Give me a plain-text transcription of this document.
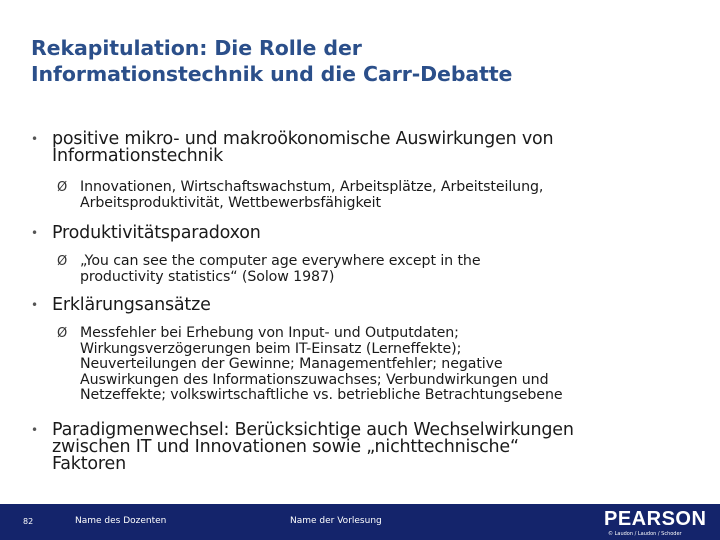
Rekapitulation: Die Rolle der
Informationstechnik und die Carr-Debatte
• positive mikro- und makroökonomische Auswirkungen von
Informationstechnik
Ø Innovationen, Wirtschaftswachstum, Arbeitsplätze, Arbeitsteilung,
Arbeitsproduktivität, Wettbewerbsfähigkeit
• Produktivitätsparadoxon
Ø „You can see the computer age everywhere except in the
productivity statistics“ (Solow 1987)
• Erklärungsansätze
Ø Messfehler bei Erhebung von Input- und Outputdaten;
Wirkungsverzögerungen beim IT-Einsatz (Lerneffekte);
Neuverteilungen der Gewinne; Managementfehler; negative
Auswirkungen des Informationszuwachses; Verbundwirkungen und
Netzeffekte; volkswirtschaftliche vs. betriebliche Betrachtungsebene
• Paradigmenwechsel: Berücksichtige auch Wechselwirkungen
zwischen IT und Innovationen sowie „nichttechnische“
Faktoren
82	Name des Dozenten	Name der Vorlesung	PEARSON
© Laudon / Laudon / Schoder
